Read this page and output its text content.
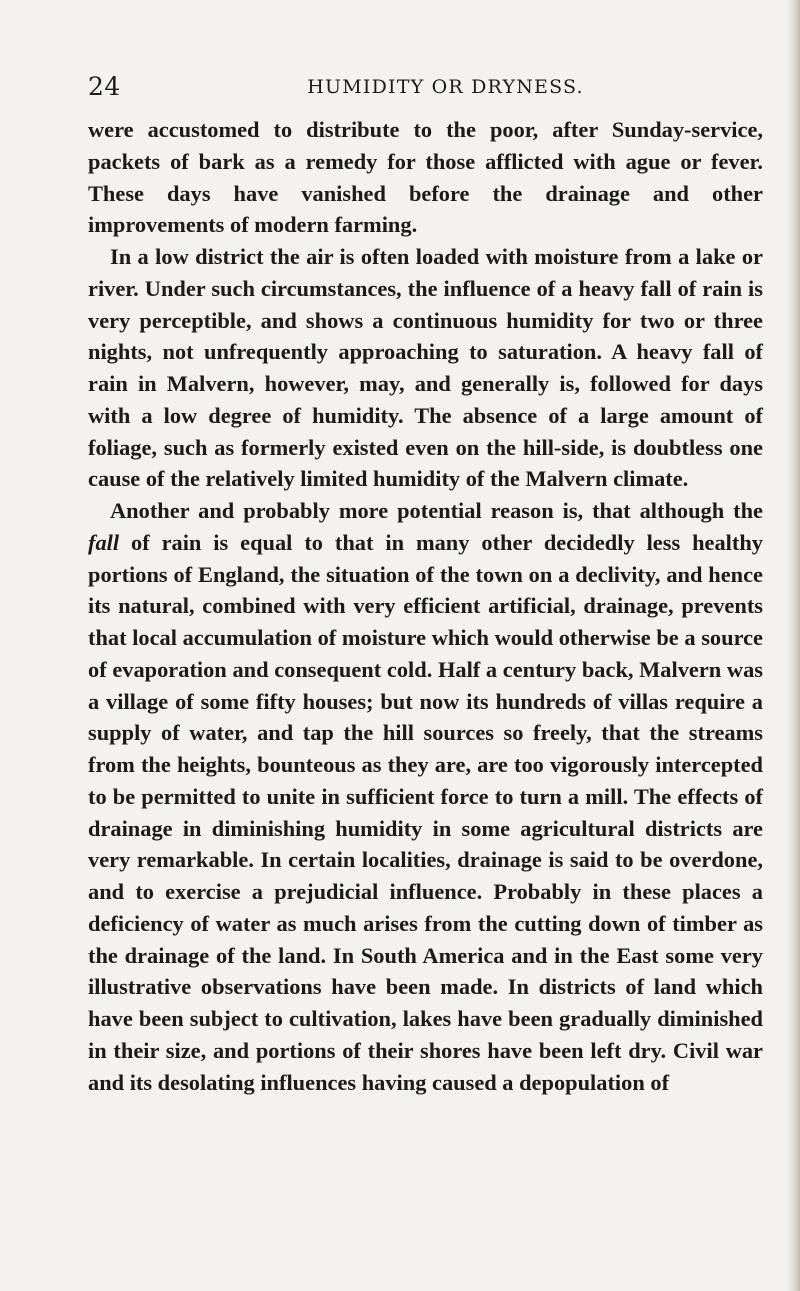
24	HUMIDITY OR DRYNESS.

were accustomed to distribute to the poor, after Sunday-service, packets of bark as a remedy for those afflicted with ague or fever. These days have vanished before the drainage and other improvements of modern farming.

In a low district the air is often loaded with moisture from a lake or river. Under such circumstances, the influence of a heavy fall of rain is very perceptible, and shows a continuous humidity for two or three nights, not unfrequently approaching to saturation. A heavy fall of rain in Malvern, however, may, and generally is, followed for days with a low degree of humidity. The absence of a large amount of foliage, such as formerly existed even on the hill-side, is doubtless one cause of the relatively limited humidity of the Malvern climate.

Another and probably more potential reason is, that although the fall of rain is equal to that in many other decidedly less healthy portions of England, the situation of the town on a declivity, and hence its natural, combined with very efficient artificial, drainage, prevents that local accumulation of moisture which would otherwise be a source of evaporation and consequent cold. Half a century back, Malvern was a village of some fifty houses; but now its hundreds of villas require a supply of water, and tap the hill sources so freely, that the streams from the heights, bounteous as they are, are too vigorously intercepted to be permitted to unite in sufficient force to turn a mill. The effects of drainage in diminishing humidity in some agricultural districts are very remarkable. In certain localities, drainage is said to be overdone, and to exercise a prejudicial influence. Probably in these places a deficiency of water as much arises from the cutting down of timber as the drainage of the land. In South America and in the East some very illustrative observations have been made. In districts of land which have been subject to cultivation, lakes have been gradually diminished in their size, and portions of their shores have been left dry. Civil war and its desolating influences having caused a depopulation of
